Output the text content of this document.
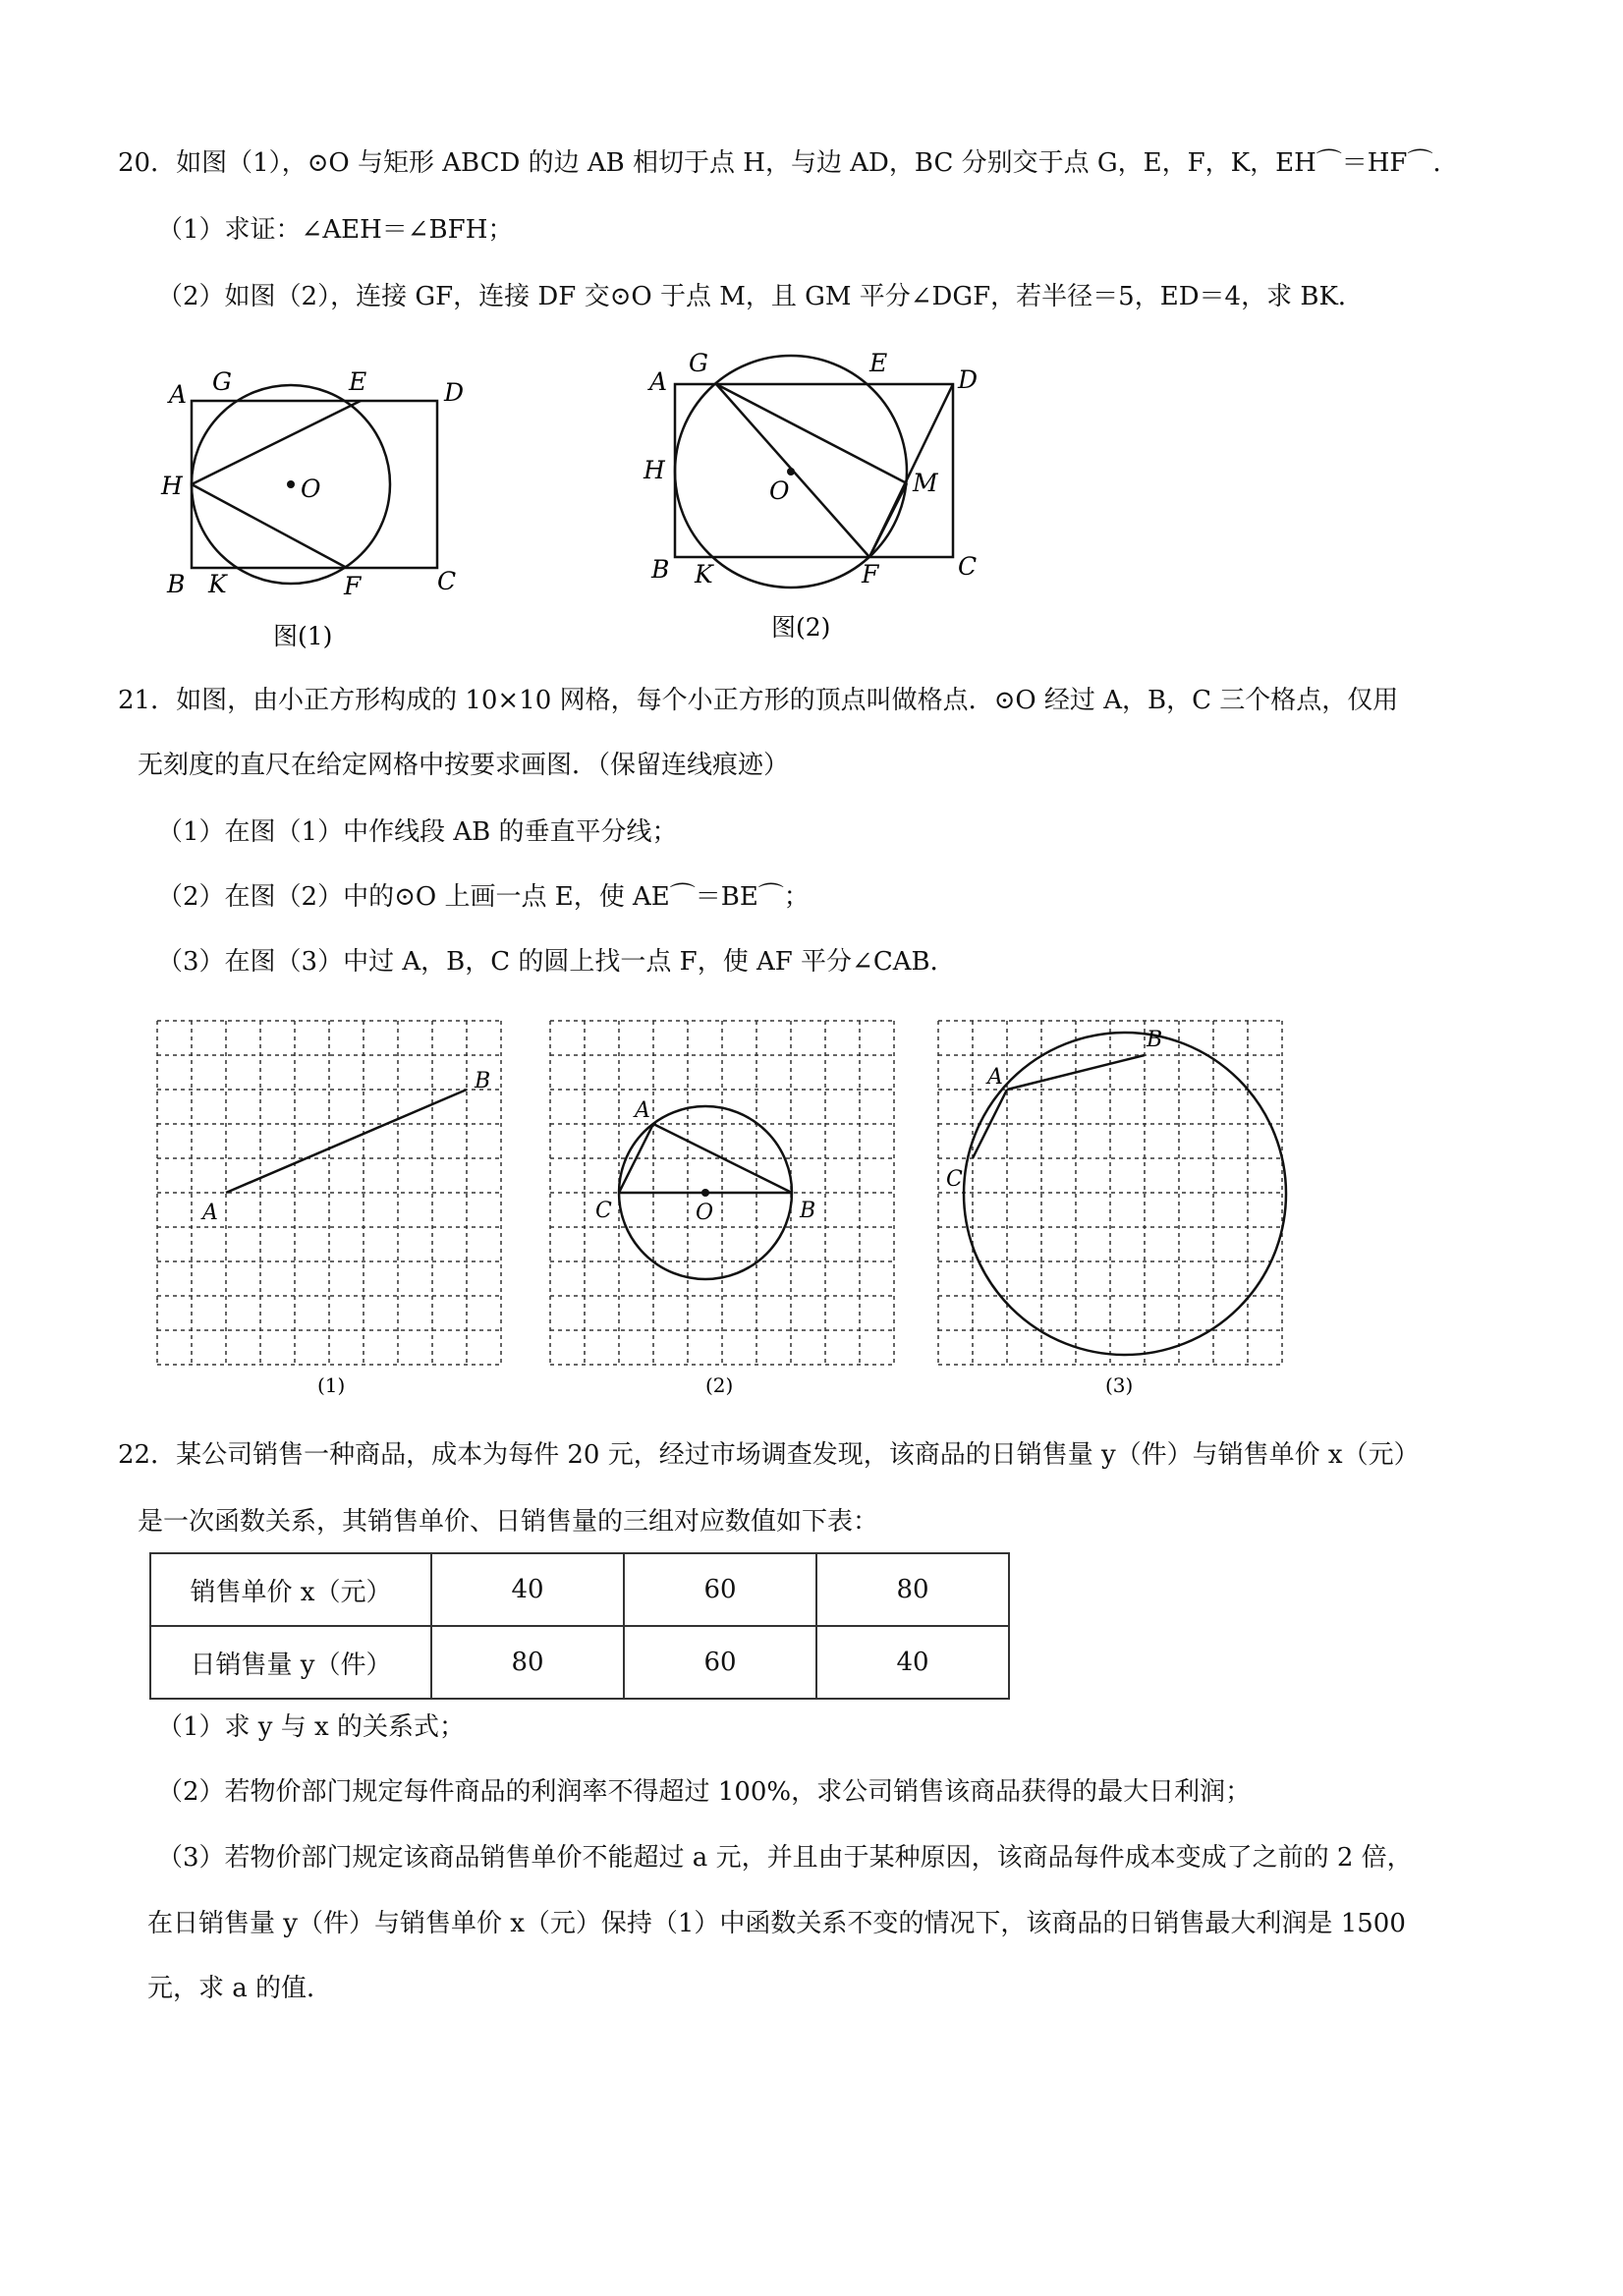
20．如图（1），⊙O 与矩形 ABCD 的边 AB 相切于点 H，与边 AD，BC 分别交于点 G，E，F，K，EH⌒＝HF⌒．
（1）求证：∠AEH＝∠BFH；
（2）如图（2），连接 GF，连接 DF 交⊙O 于点 M，且 GM 平分∠DGF，若半径＝5，ED＝4，求 BK．
A G	E	D
H	O
B K	F	C
图(1)
A
G	E
D
H
O	M
B K	F	C
图(2)
21．如图，由小正方形构成的 10×10 网格，每个小正方形的顶点叫做格点．⊙O 经过 A，B，C 三个格点，仅用
无刻度的直尺在给定网格中按要求画图．（保留连线痕迹）
（1）在图（1）中作线段 AB 的垂直平分线；
（2）在图（2）中的⊙O 上画一点 E，使 AE⌒＝BE⌒；
（3）在图（3）中过 A，B，C 的圆上找一点 F，使 AF 平分∠CAB．
A
B
(1)
A
C	O	B
(2)
A
B
C
(3)
22．某公司销售一种商品，成本为每件 20 元，经过市场调查发现，该商品的日销售量 y（件）与销售单价 x（元）
是一次函数关系，其销售单价、日销售量的三组对应数值如下表：
销售单价 x（元）	40	60	80
日销售量 y（件）	80	60	40
（1）求 y 与 x 的关系式；
（2）若物价部门规定每件商品的利润率不得超过 100%，求公司销售该商品获得的最大日利润；
（3）若物价部门规定该商品销售单价不能超过 a 元，并且由于某种原因，该商品每件成本变成了之前的 2 倍，
在日销售量 y（件）与销售单价 x（元）保持（1）中函数关系不变的情况下，该商品的日销售最大利润是 1500
元，求 a 的值．
